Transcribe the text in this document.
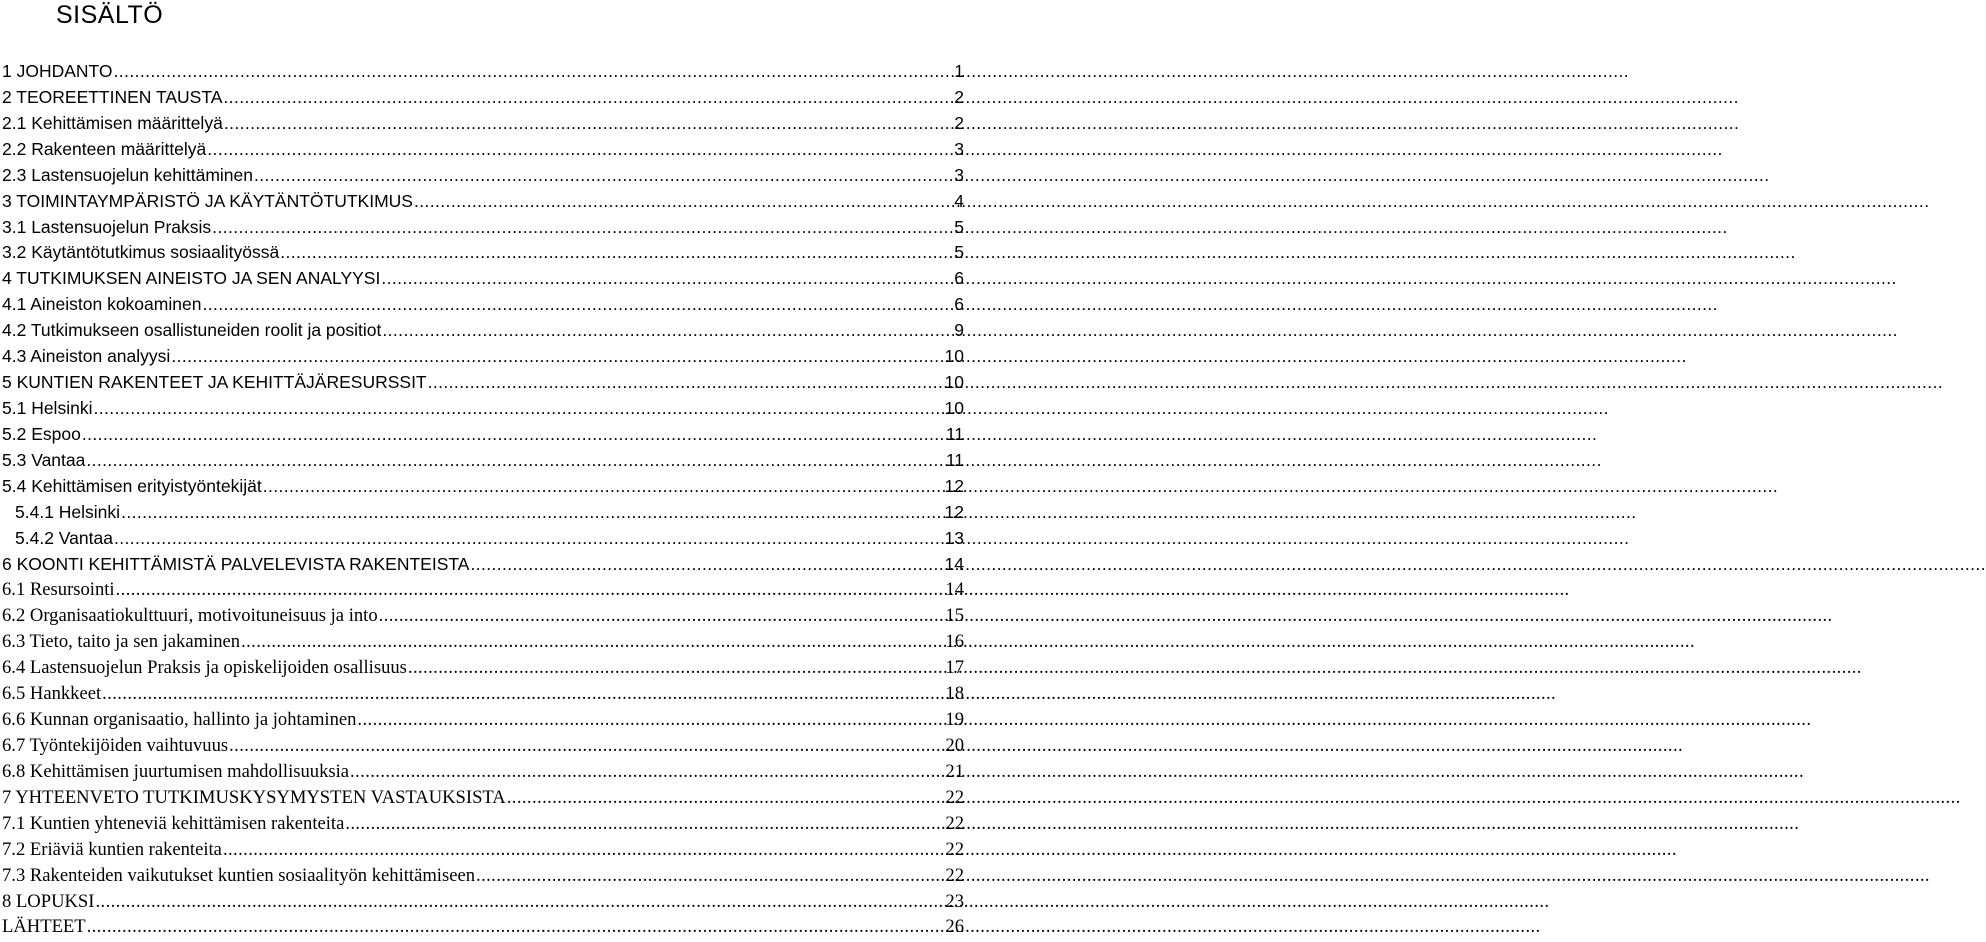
SISÄLTÖ
1 JOHDANTO .....	1
2 TEOREETTINEN TAUSTA .....	2
2.1 Kehittämisen määrittelyä .....	2
2.2 Rakenteen määrittelyä .....	3
2.3 Lastensuojelun kehittäminen .....	3
3 TOIMINTAYMPÄRISTÖ JA KÄYTÄNTÖTUTKIMUS .....	4
3.1 Lastensuojelun Praksis .....	5
3.2 Käytäntötutkimus sosiaalityössä .....	5
4 TUTKIMUKSEN AINEISTO JA SEN ANALYYSI .....	6
4.1 Aineiston kokoaminen .....	6
4.2 Tutkimukseen osallistuneiden roolit ja positiot .....	9
4.3 Aineiston analyysi .....	10
5 KUNTIEN RAKENTEET JA KEHITTÄJÄRESURSSIT .....	10
5.1 Helsinki .....	10
5.2 Espoo .....	11
5.3 Vantaa .....	11
5.4 Kehittämisen erityistyöntekijät .....	12
5.4.1 Helsinki .....	12
5.4.2 Vantaa .....	13
6 KOONTI KEHITTÄMISTÄ PALVELEVISTA RAKENTEISTA .....	14
6.1 Resursointi .....	14
6.2 Organisaatiokulttuuri, motivoituneisuus ja into .....	15
6.3 Tieto, taito ja sen jakaminen .....	16
6.4 Lastensuojelun Praksis ja opiskelijoiden osallisuus .....	17
6.5 Hankkeet .....	18
6.6 Kunnan organisaatio, hallinto ja johtaminen .....	19
6.7 Työntekijöiden vaihtuvuus .....	20
6.8 Kehittämisen juurtumisen mahdollisuuksia .....	21
7 YHTEENVETO TUTKIMUSKYSYMYSTEN VASTAUKSISTA .....	22
7.1 Kuntien yhteneviä kehittämisen rakenteita .....	22
7.2 Eriäviä kuntien rakenteita .....	22
7.3 Rakenteiden vaikutukset kuntien sosiaalityön kehittämiseen .....	22
8 LOPUKSI .....	23
LÄHTEET .....	26
